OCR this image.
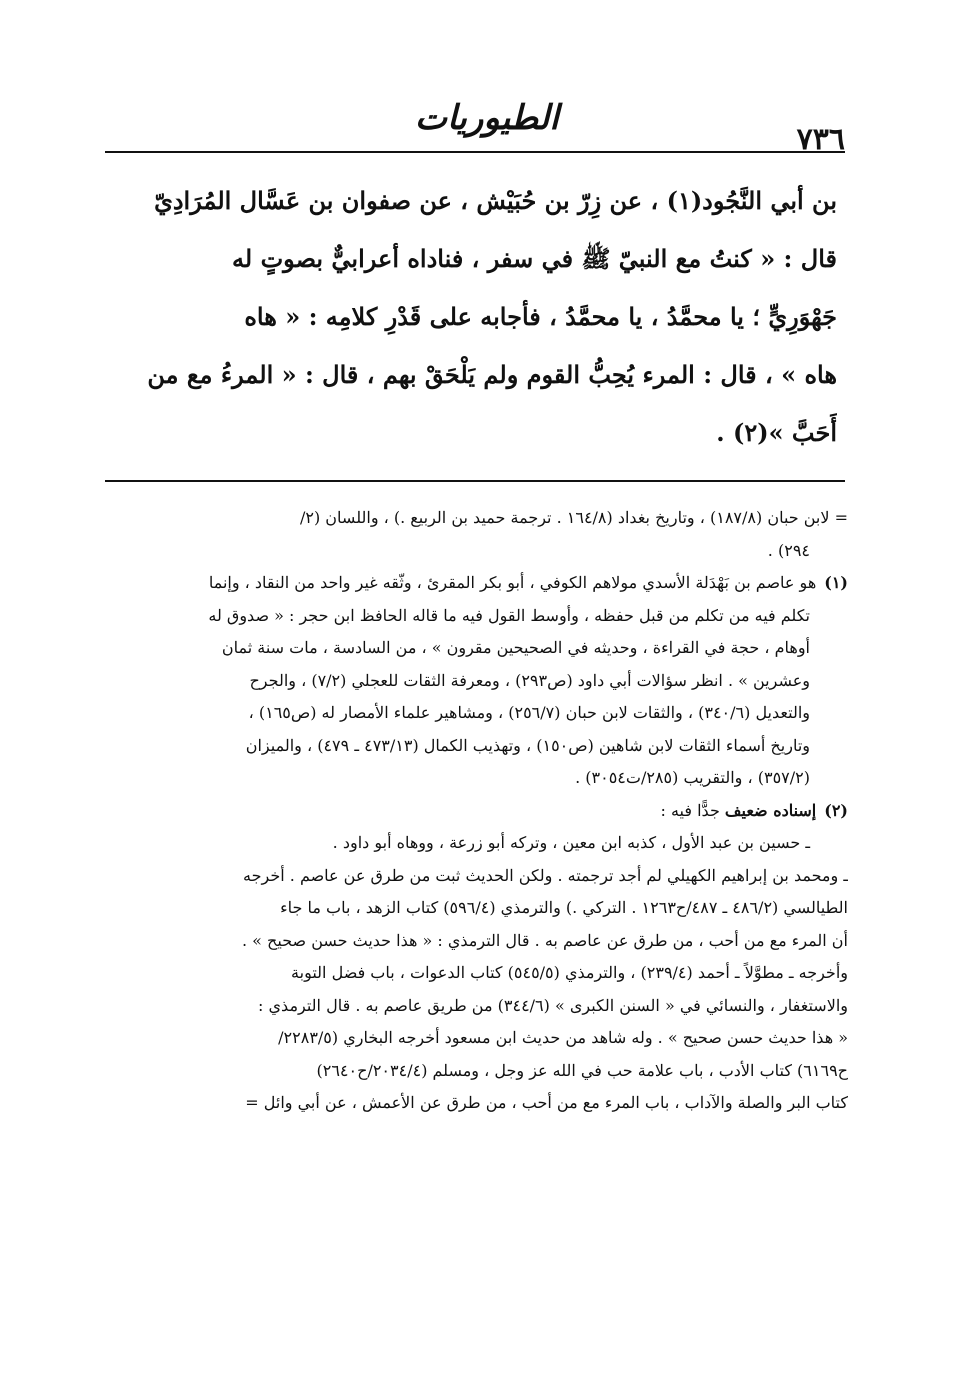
الطيوريات
٧٣٦
بن أبي النَّجُود(١) ، عن زِرّ بن حُبَيْش ، عن صفوان بن عَسَّال المُرَادِيّ
قال : « كنتُ مع النبيّ ﷺ في سفر ، فناداه أعرابيٌّ بصوتٍ له
جَهْوَرِيٍّ ؛ يا محمَّدُ ، يا محمَّدُ ، فأجابه على قَدْرِ كلامِه : « هاه
هاه » ، قال : المرء يُحِبُّ القوم ولم يَلْحَقْ بهم ، قال : « المرءُ مع من
أَحَبَّ »(٢) .
= لابن حبان (١٨٧/٨) ، وتاريخ بغداد (١٦٤/٨ . ترجمة حميد بن الربيع .) ، واللسان (٢/
٢٩٤) .
(١)هو عاصم بن بَهْدَلة الأسدي مولاهم الكوفي ، أبو بكر المقرئ ، وثّقه غير واحد من النقاد ، وإنما
تكلم فيه من تكلم من قبل حفظه ، وأوسط القول فيه ما قاله الحافظ ابن حجر : « صدوق له
أوهام ، حجة في القراءة ، وحديثه في الصحيحين مقرون » ، من السادسة ، مات سنة ثمان
وعشرين » . انظر سؤالات أبي داود (ص٢٩٣) ، ومعرفة الثقات للعجلي (٧/٢) ، والجرح
والتعديل (٣٤٠/٦) ، والثقات لابن حبان (٢٥٦/٧) ، ومشاهير علماء الأمصار له (ص١٦٥) ،
وتاريخ أسماء الثقات لابن شاهين (ص١٥٠) ، وتهذيب الكمال (٤٧٣/١٣ ـ ٤٧٩) ، والميزان
(٣٥٧/٢) ، والتقريب (٢٨٥/ت٣٠٥٤) .
(٢)إسناده ضعيف جدًّا فيه :
ـ حسين بن عبد الأول ، كذبه ابن معين ، وتركه أبو زرعة ، ووهاه أبو داود .
ـ ومحمد بن إبراهيم الكهيلي لم أجد ترجمته . ولكن الحديث ثبت من طرق عن عاصم . أخرجه
الطيالسي (٤٨٦/٢ ـ ٤٨٧/ح١٢٦٣ . التركي .) والترمذي (٥٩٦/٤) كتاب الزهد ، باب ما جاء
أن المرء مع من أحب ، من طرق عن عاصم به . قال الترمذي : « هذا حديث حسن صحيح » .
وأخرجه ـ مطوَّلاً ـ أحمد (٢٣٩/٤) ، والترمذي (٥٤٥/٥) كتاب الدعوات ، باب فضل التوبة
والاستغفار ، والنسائي في « السنن الكبرى » (٣٤٤/٦) من طريق عاصم به . قال الترمذي :
« هذا حديث حسن صحيح » . وله شاهد من حديث ابن مسعود أخرجه البخاري (٢٢٨٣/٥/
ح٦١٦٩) كتاب الأدب ، باب علامة حب في الله عز وجل ، ومسلم (٢٠٣٤/٤/ح٢٦٤٠)
كتاب البر والصلة والآداب ، باب المرء مع من أحب ، من طرق عن الأعمش ، عن أبي وائل =
